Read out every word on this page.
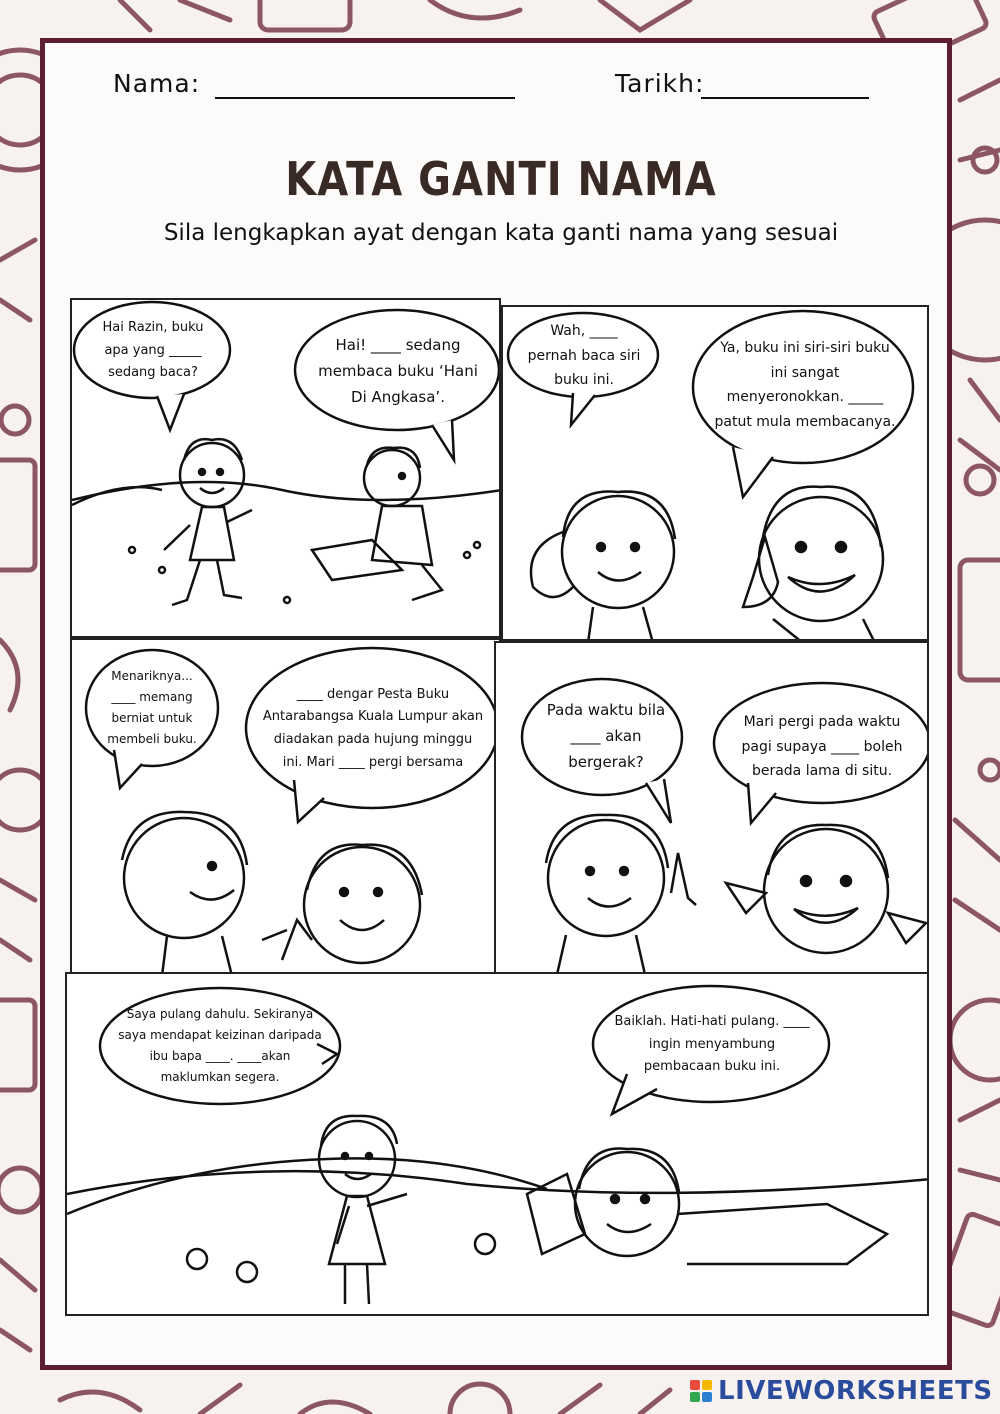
Nama:	Tarikh:
KATA GANTI NAMA
Sila lengkapkan ayat dengan kata ganti nama yang sesuai
Hai Razin, buku apa yang _____ sedang baca?
Hai! ____ sedang membaca buku ‘Hani Di Angkasa’.
Wah, ____ pernah baca siri buku ini.
Ya, buku ini siri-siri buku ini sangat menyeronokkan. _____ patut mula membacanya.
Menariknya... ____ memang berniat untuk membeli buku.
____ dengar Pesta Buku Antarabangsa Kuala Lumpur akan diadakan pada hujung minggu ini. Mari ____ pergi bersama
Pada waktu bila ____ akan bergerak?
Mari pergi pada waktu pagi supaya ____ boleh berada lama di situ.
Saya pulang dahulu. Sekiranya saya mendapat keizinan daripada ibu bapa ____. ____akan maklumkan segera.
Baiklah. Hati-hati pulang. ____ ingin menyambung pembacaan buku ini.
LIVEWORKSHEETS
